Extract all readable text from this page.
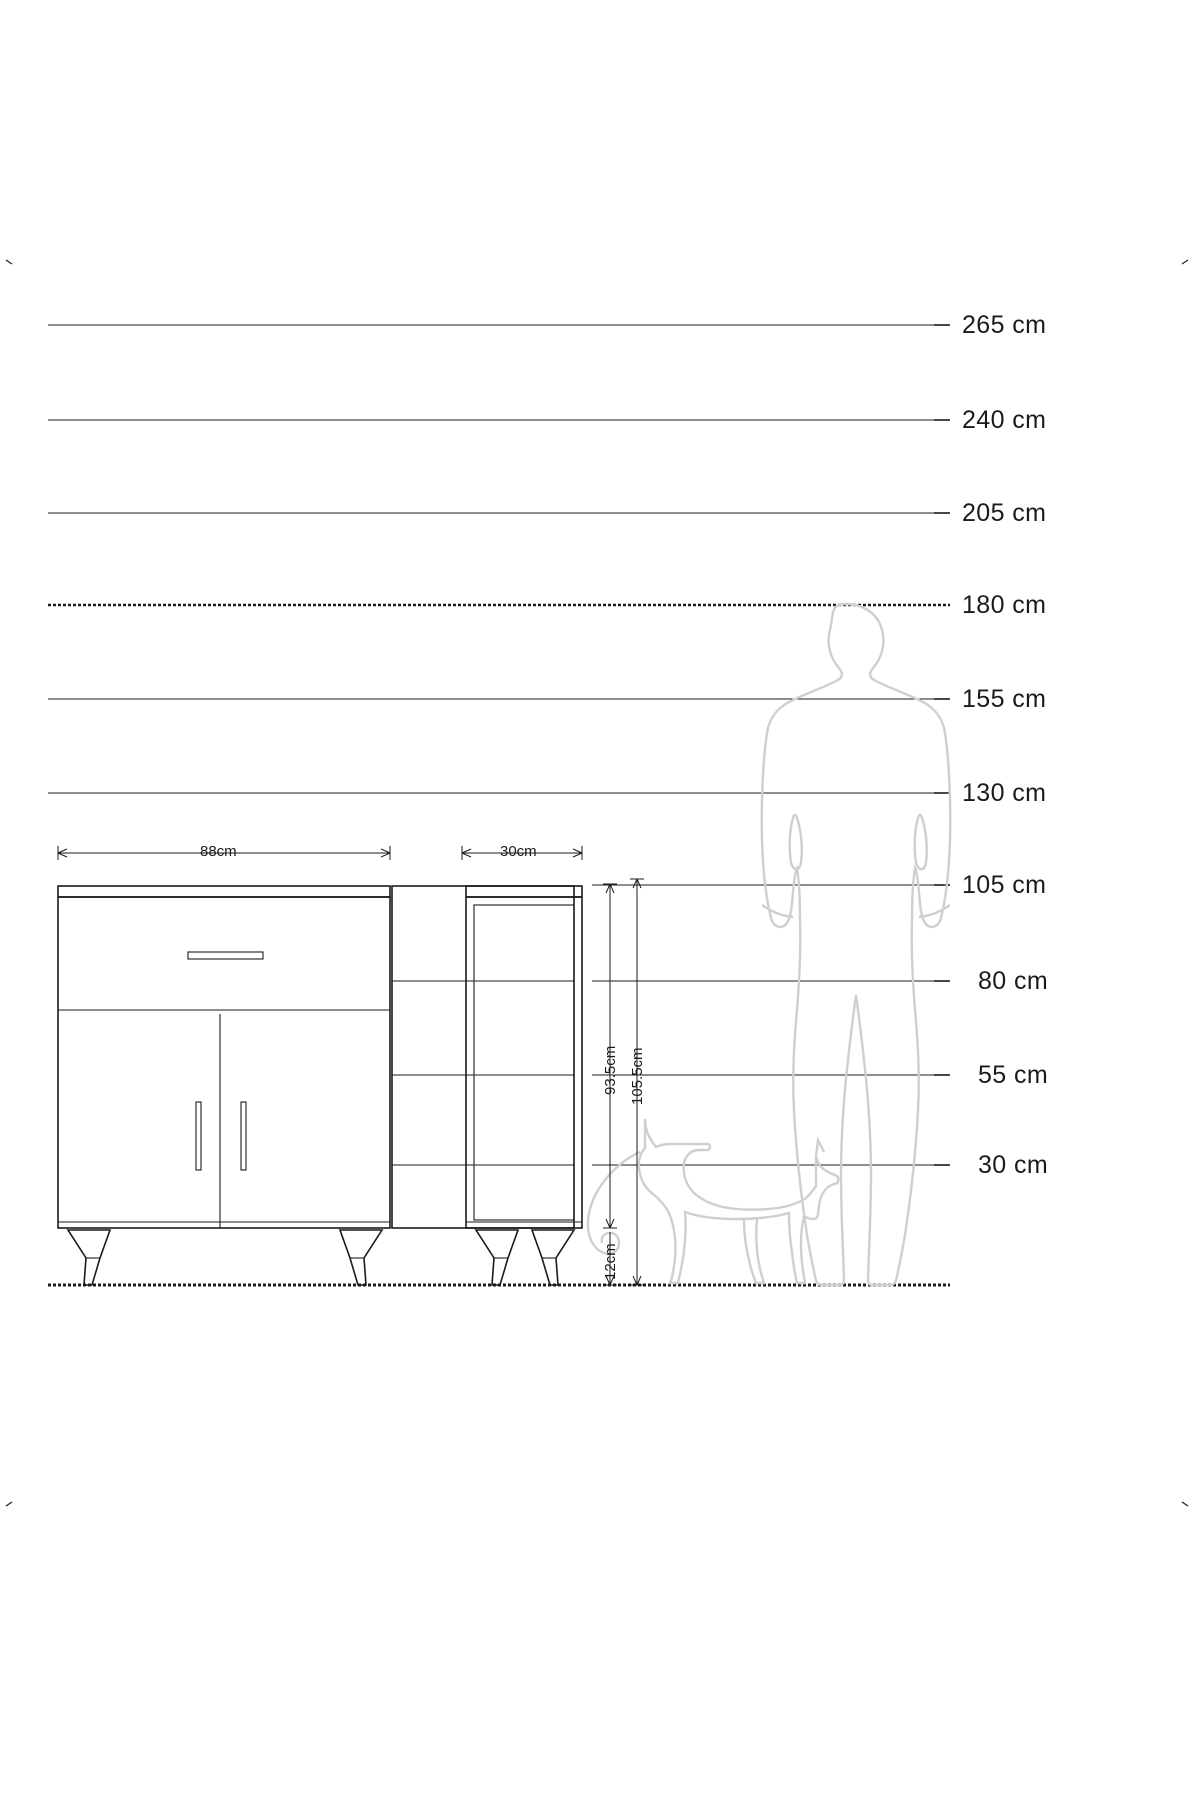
265 cm
240 cm
205 cm
180 cm
155 cm
130 cm
105 cm
80 cm
55 cm
30 cm
88cm	30cm
93.5cm 105.5cm
12cm
